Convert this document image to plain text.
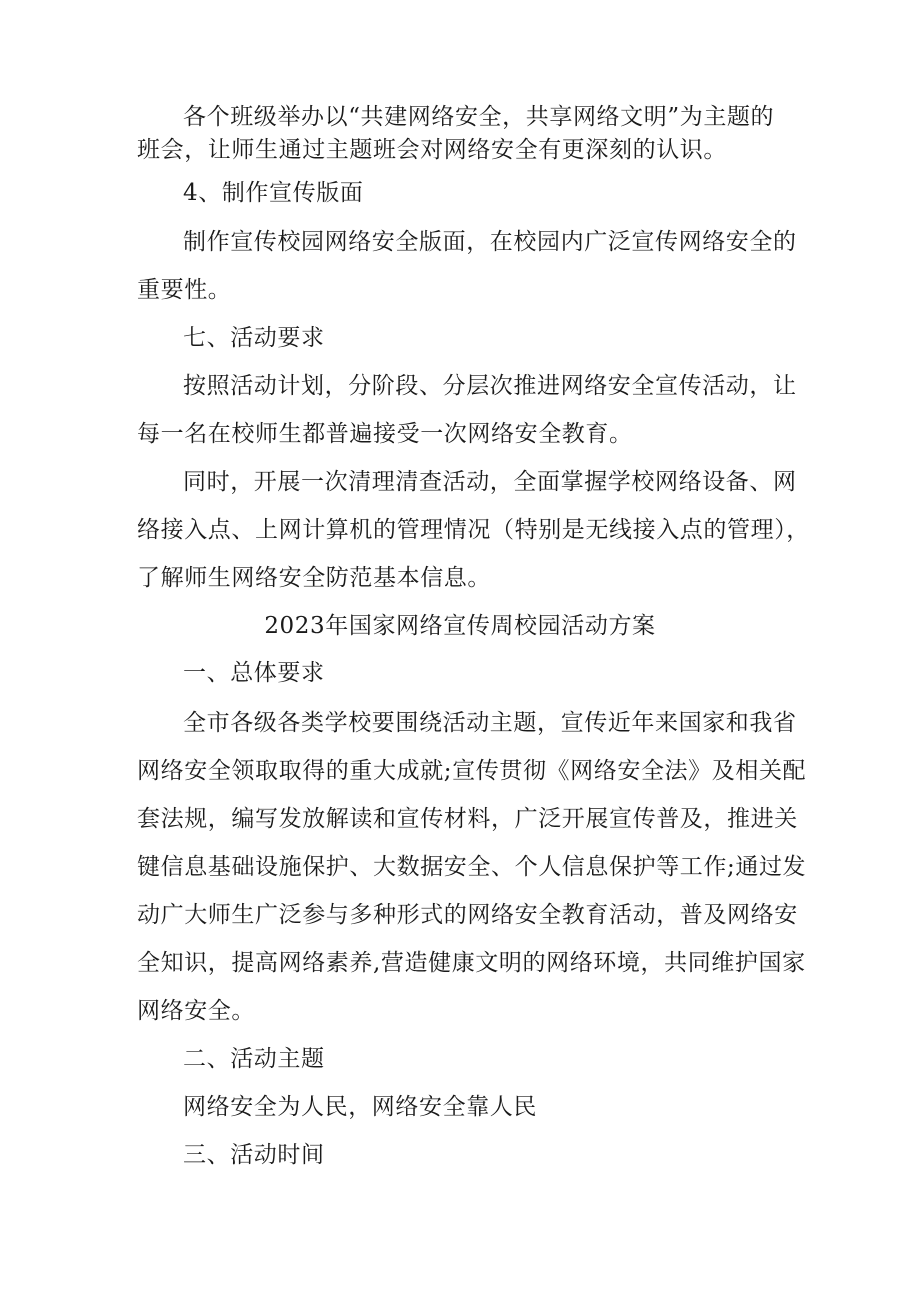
各个班级举办以“共建网络安全，共享网络文明”为主题的
班会，让师生通过主题班会对网络安全有更深刻的认识。
4、制作宣传版面
制作宣传校园网络安全版面，在校园内广泛宣传网络安全的
重要性。
七、活动要求
按照活动计划，分阶段、分层次推进网络安全宣传活动，让
每一名在校师生都普遍接受一次网络安全教育。
同时，开展一次清理清查活动，全面掌握学校网络设备、网
络接入点、上网计算机的管理情况（特别是无线接入点的管理），
了解师生网络安全防范基本信息。
2023年国家网络宣传周校园活动方案
一、总体要求
全市各级各类学校要围绕活动主题，宣传近年来国家和我省
网络安全领取取得的重大成就;宣传贯彻《网络安全法》及相关配
套法规，编写发放解读和宣传材料，广泛开展宣传普及，推进关
键信息基础设施保护、大数据安全、个人信息保护等工作;通过发
动广大师生广泛参与多种形式的网络安全教育活动，普及网络安
全知识，提高网络素养,营造健康文明的网络环境，共同维护国家
网络安全。
二、活动主题
网络安全为人民，网络安全靠人民
三、活动时间
